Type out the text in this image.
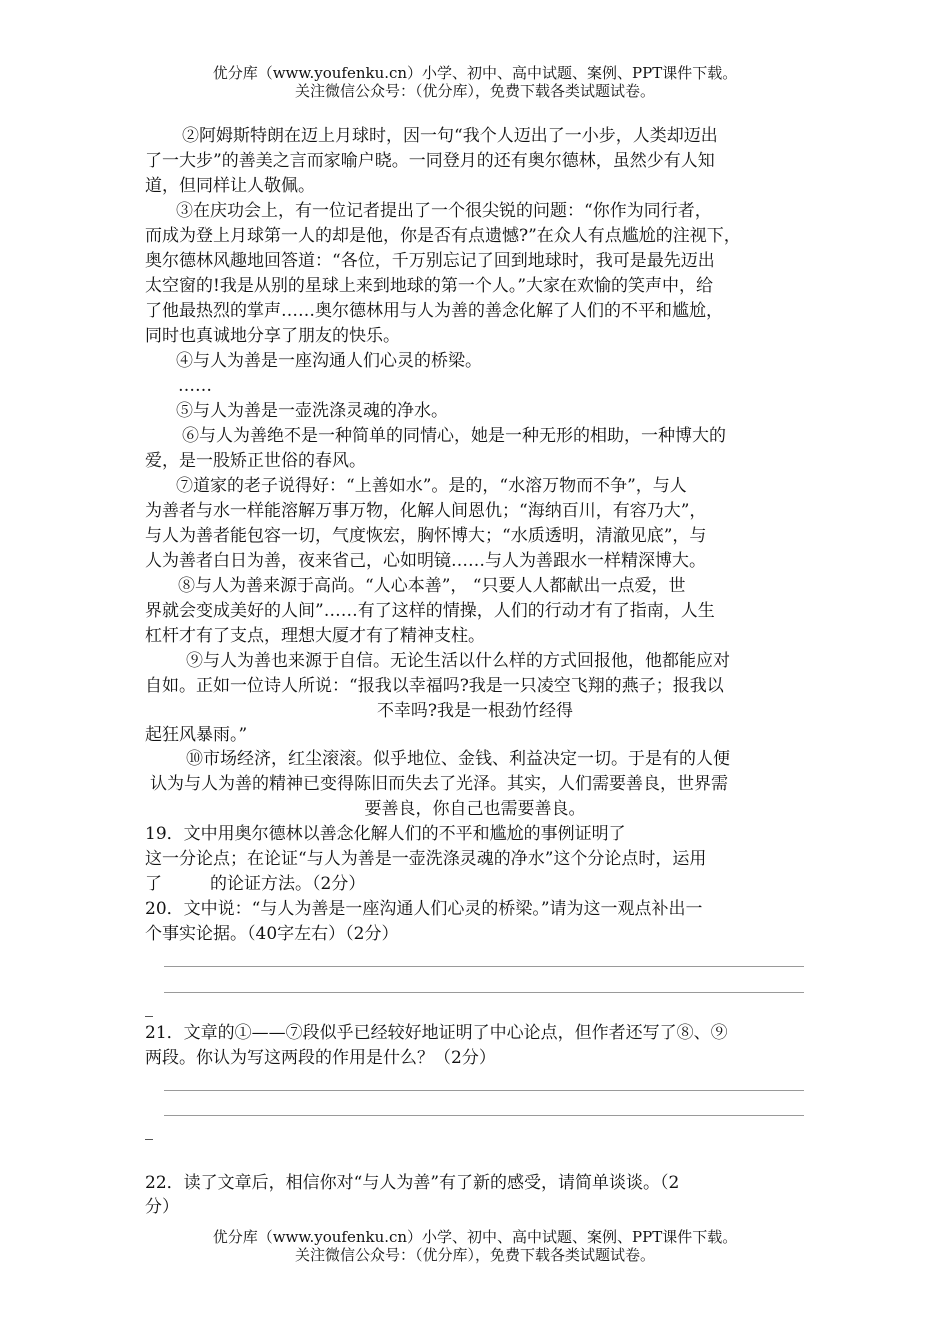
优分库（www.youfenku.cn）小学、初中、高中试题、案例、PPT课件下载。
关注微信公众号：（优分库），免费下载各类试题试卷。
②阿姆斯特朗在迈上月球时，因一句“我个人迈出了一小步，人类却迈出
了一大步”的善美之言而家喻户晓。一同登月的还有奥尔德林，虽然少有人知
道，但同样让人敬佩。
③在庆功会上，有一位记者提出了一个很尖锐的问题：“你作为同行者，
而成为登上月球第一人的却是他，你是否有点遗憾?”在众人有点尴尬的注视下，
奥尔德林风趣地回答道：“各位，千万别忘记了回到地球时，我可是最先迈出
太空窗的!我是从别的星球上来到地球的第一个人。”大家在欢愉的笑声中，给
了他最热烈的掌声……奥尔德林用与人为善的善念化解了人们的不平和尴尬，
同时也真诚地分享了朋友的快乐。
④与人为善是一座沟通人们心灵的桥梁。
……
⑤与人为善是一壶洗涤灵魂的净水。
⑥与人为善绝不是一种简单的同情心，她是一种无形的相助，一种博大的
爱，是一股矫正世俗的春风。
⑦道家的老子说得好：“上善如水”。是的，“水溶万物而不争”，与人
为善者与水一样能溶解万事万物，化解人间恩仇；“海纳百川，有容乃大”，
与人为善者能包容一切，气度恢宏，胸怀博大；“水质透明，清澈见底”，与
人为善者白日为善，夜来省己，心如明镜……与人为善跟水一样精深博大。
⑧与人为善来源于高尚。“人心本善”， “只要人人都献出一点爱，世
界就会变成美好的人间”……有了这样的情操，人们的行动才有了指南，人生
杠杆才有了支点，理想大厦才有了精神支柱。
⑨与人为善也来源于自信。无论生活以什么样的方式回报他，他都能应对
自如。正如一位诗人所说：“报我以幸福吗?我是一只凌空飞翔的燕子；报我以
不幸吗?我是一根劲竹经得
起狂风暴雨。”
⑩市场经济，红尘滚滚。似乎地位、金钱、利益决定一切。于是有的人便
认为与人为善的精神已变得陈旧而失去了光泽。其实，人们需要善良，世界需
要善良，你自己也需要善良。
19．文中用奥尔德林以善念化解人们的不平和尴尬的事例证明了
这一分论点；在论证“与人为善是一壶洗涤灵魂的净水”这个分论点时，运用
了	的论证方法。（2分）
20．文中说：“与人为善是一座沟通人们心灵的桥梁。”请为这一观点补出一
个事实论据。（40字左右）（2分）
21．文章的①——⑦段似乎已经较好地证明了中心论点，但作者还写了⑧、⑨
两段。你认为写这两段的作用是什么？（2分）
22．读了文章后，相信你对“与人为善”有了新的感受，请简单谈谈。（2
分）
优分库（www.youfenku.cn）小学、初中、高中试题、案例、PPT课件下载。
关注微信公众号：（优分库），免费下载各类试题试卷。
